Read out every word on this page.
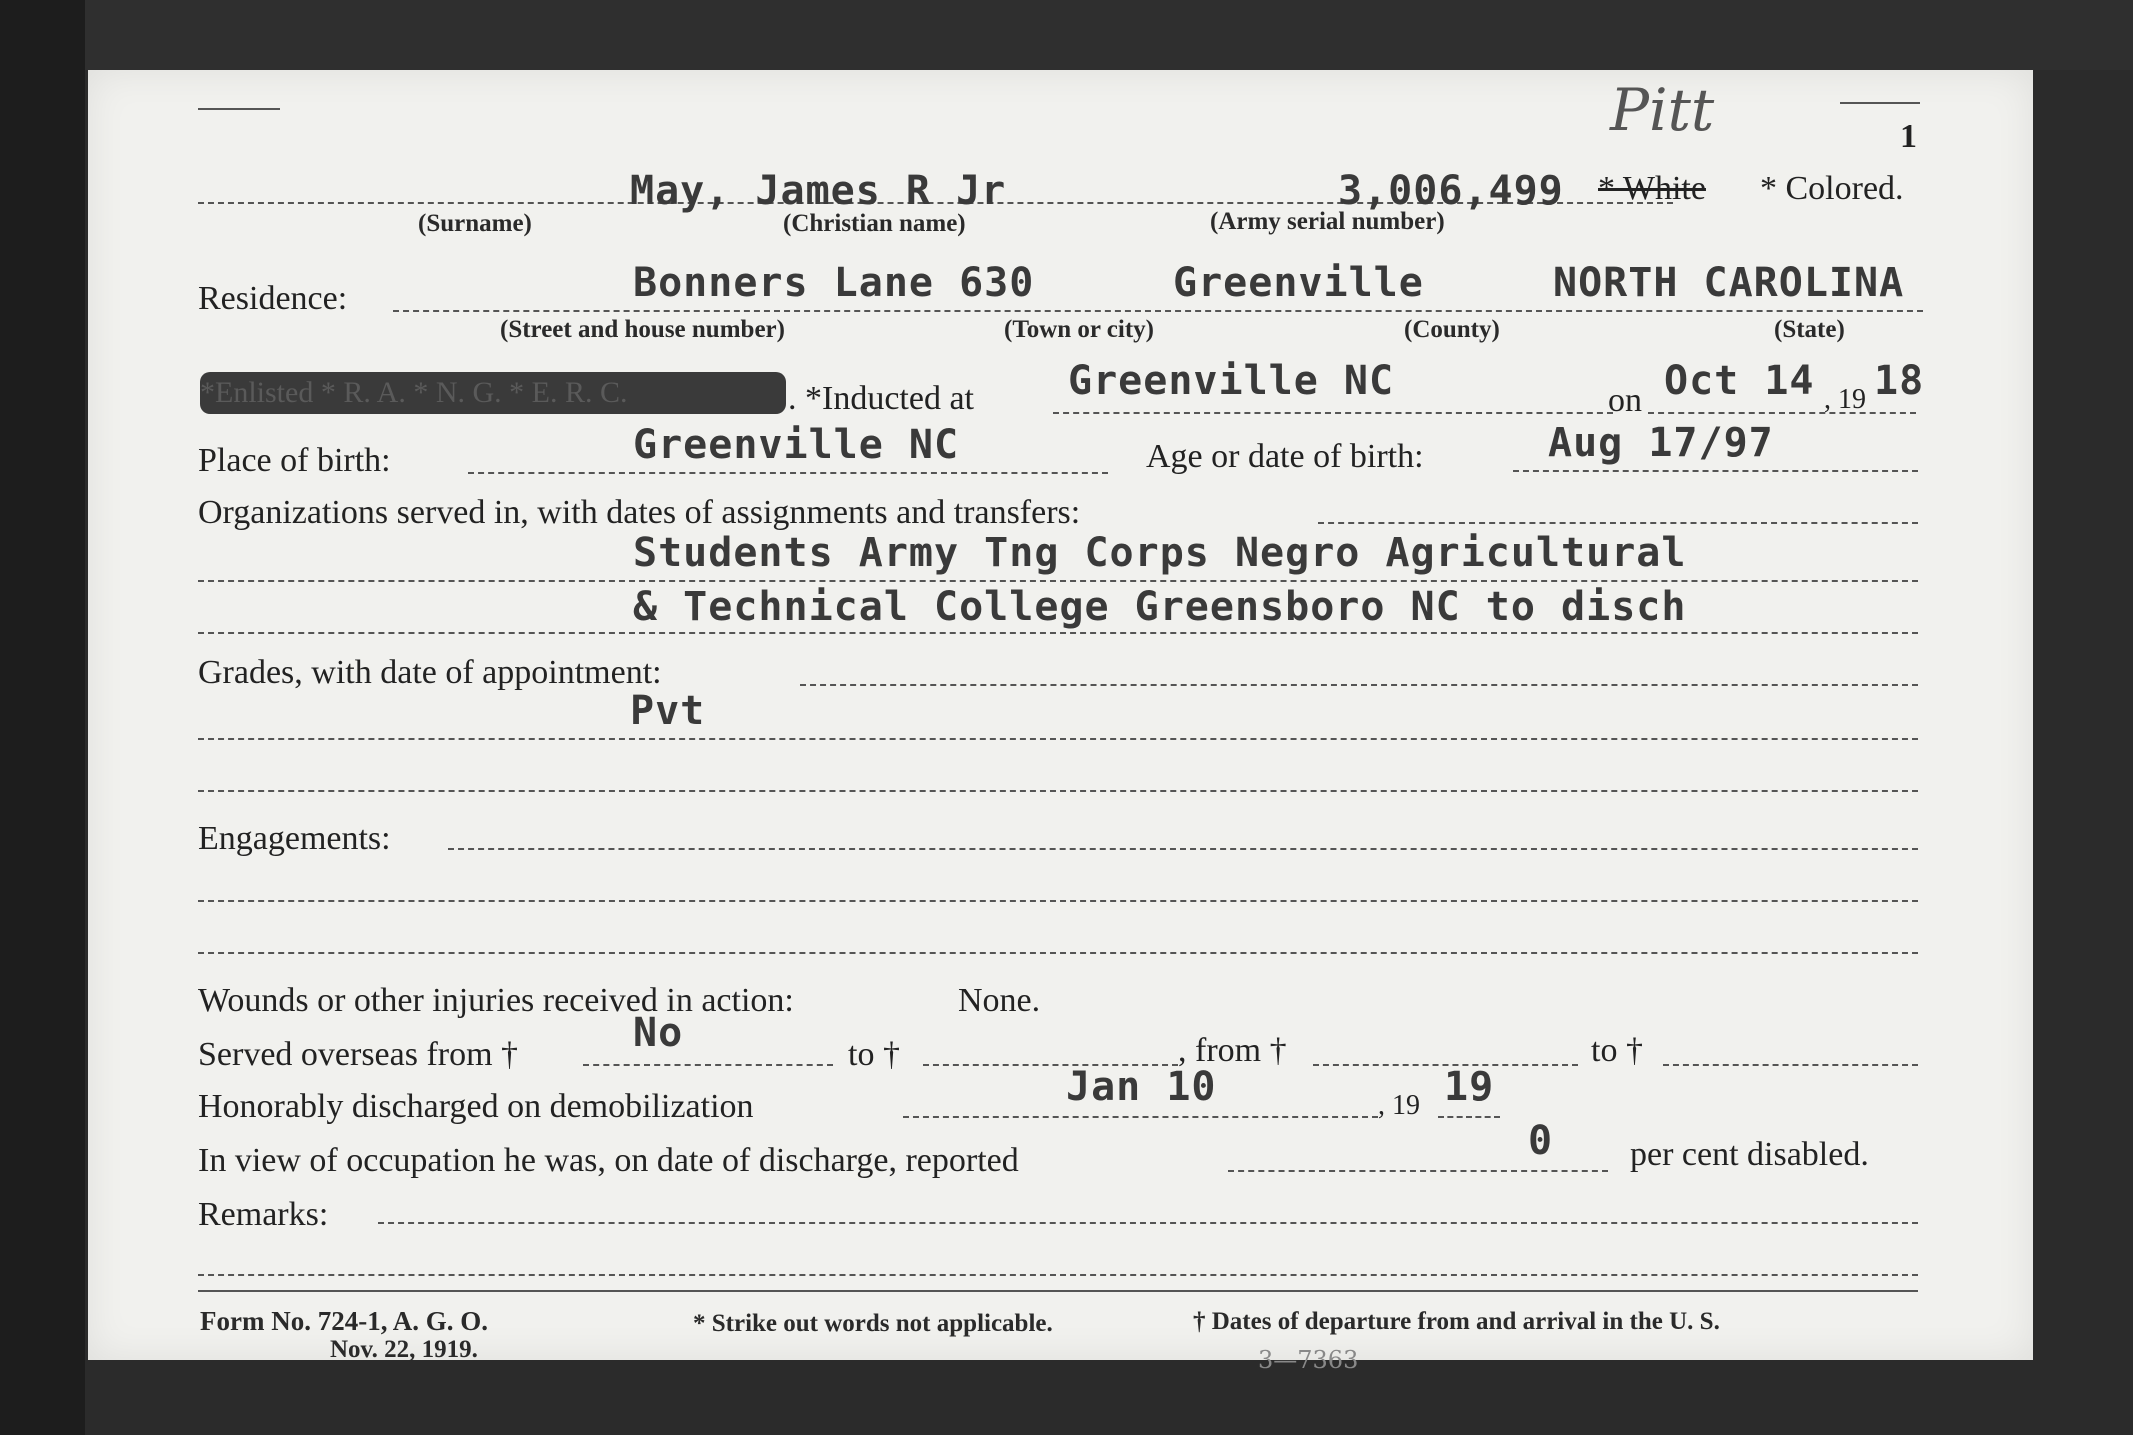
Pitt	1
May, James R Jr	3,006,499 * White * Colored.
(Surname)	(Christian name)	(Army serial number)
Residence:	Bonners Lane 630	Greenville	NORTH CAROLINA
(Street and house number)	(Town or city)	(County)	(State)
*Enlisted * R. A. * N. G. * E. R. C.	. *Inducted at Greenville NC	on Oct 14 , 19 18
Place of birth:	Greenville NC	Age or date of birth:	Aug 17/97
Organizations served in, with dates of assignments and transfers:
Students Army Tng Corps Negro Agricultural
& Technical College Greensboro NC to disch
Grades, with date of appointment:
Pvt
Engagements:
Wounds or other injuries received in action:	None.
Served overseas from †	No	to †	, from †	to †
Honorably discharged on demobilization	Jan 10	, 19 19
In view of occupation he was, on date of discharge, reported	0 per cent disabled.
Remarks:
Form No. 724-1, A. G. O.
Nov. 22, 1919.
* Strike out words not applicable.	† Dates of departure from and arrival in the U. S.
3—7363
